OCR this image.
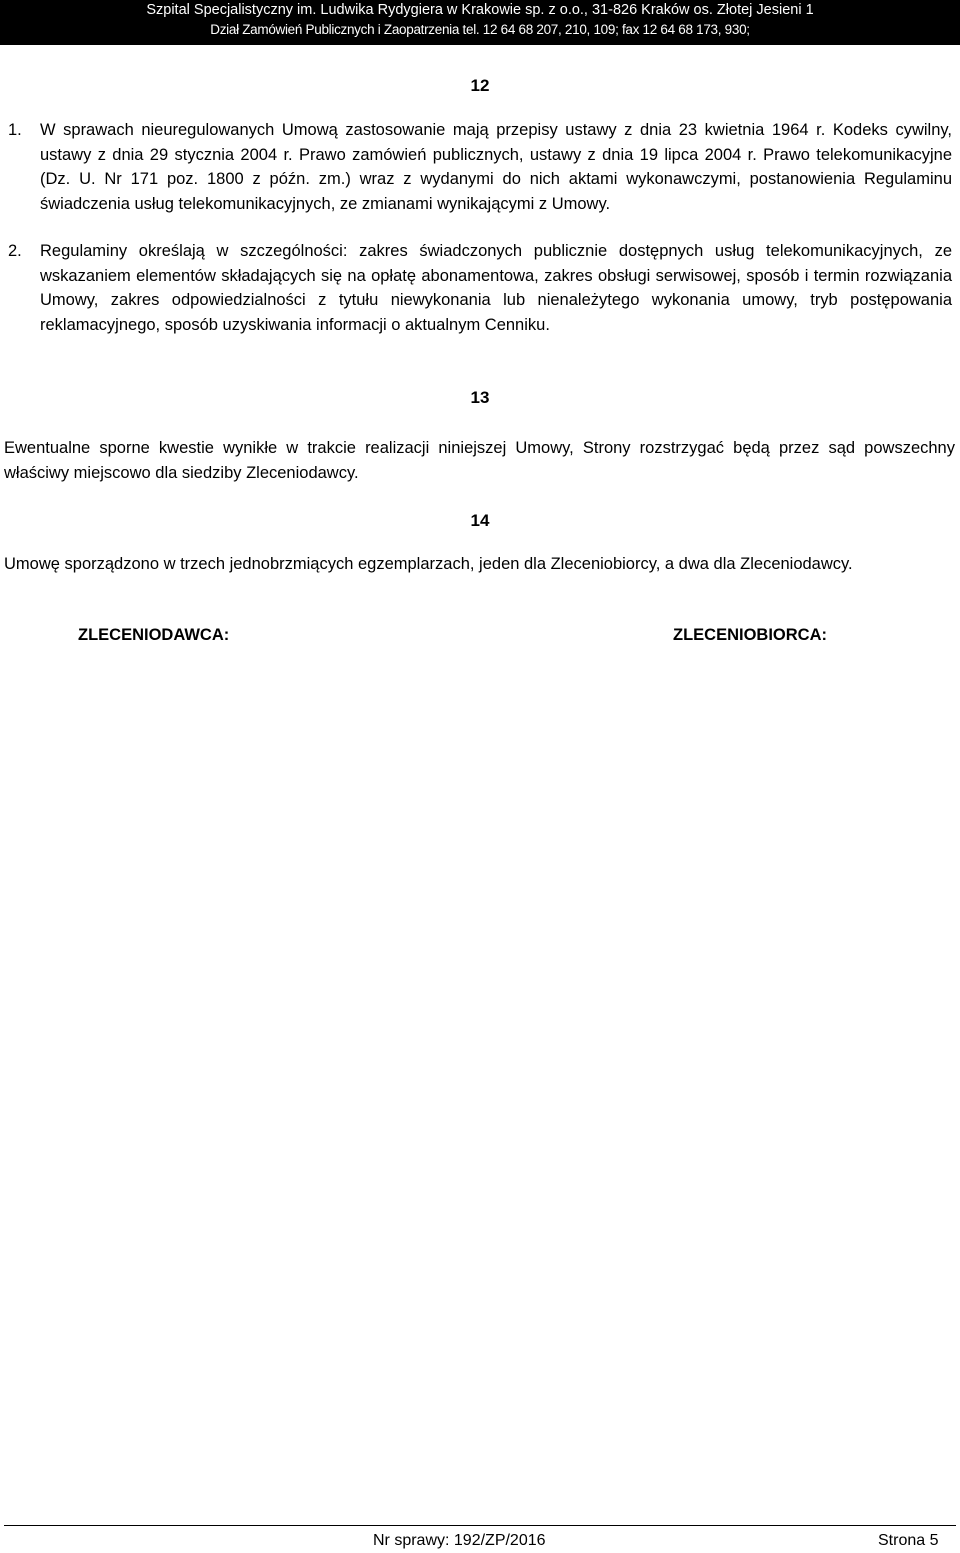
Szpital Specjalistyczny im. Ludwika Rydygiera w Krakowie sp. z o.o., 31-826 Kraków os. Złotej Jesieni 1
Dział Zamówień Publicznych i Zaopatrzenia tel. 12 64 68 207, 210, 109; fax 12 64 68 173, 930;
12
1. W sprawach nieuregulowanych Umową zastosowanie mają przepisy ustawy z dnia 23 kwietnia 1964 r. Kodeks cywilny, ustawy z dnia 29 stycznia 2004 r. Prawo zamówień publicznych, ustawy z dnia 19 lipca 2004 r. Prawo telekomunikacyjne (Dz. U. Nr 171 poz. 1800 z późn. zm.) wraz z wydanymi do nich aktami wykonawczymi, postanowienia Regulaminu świadczenia usług telekomunikacyjnych, ze zmianami wynikającymi z Umowy.
2. Regulaminy określają w szczególności: zakres świadczonych publicznie dostępnych usług telekomunikacyjnych, ze wskazaniem elementów składających się na opłatę abonamentowa, zakres obsługi serwisowej, sposób i termin rozwiązania Umowy, zakres odpowiedzialności z tytułu niewykonania lub nienależytego wykonania umowy, tryb postępowania reklamacyjnego, sposób uzyskiwania informacji o aktualnym Cenniku.
13
Ewentualne sporne kwestie wynikłe w trakcie realizacji niniejszej Umowy, Strony rozstrzygać będą przez sąd powszechny właściwy miejscowo dla siedziby Zleceniodawcy.
14
Umowę sporządzono w trzech jednobrzmiących egzemplarzach, jeden dla Zleceniobiorcy, a dwa dla Zleceniodawcy.
ZLECENIODAWCA:	ZLECENIOBIORCA:
Nr sprawy: 192/ZP/2016	Strona 5
